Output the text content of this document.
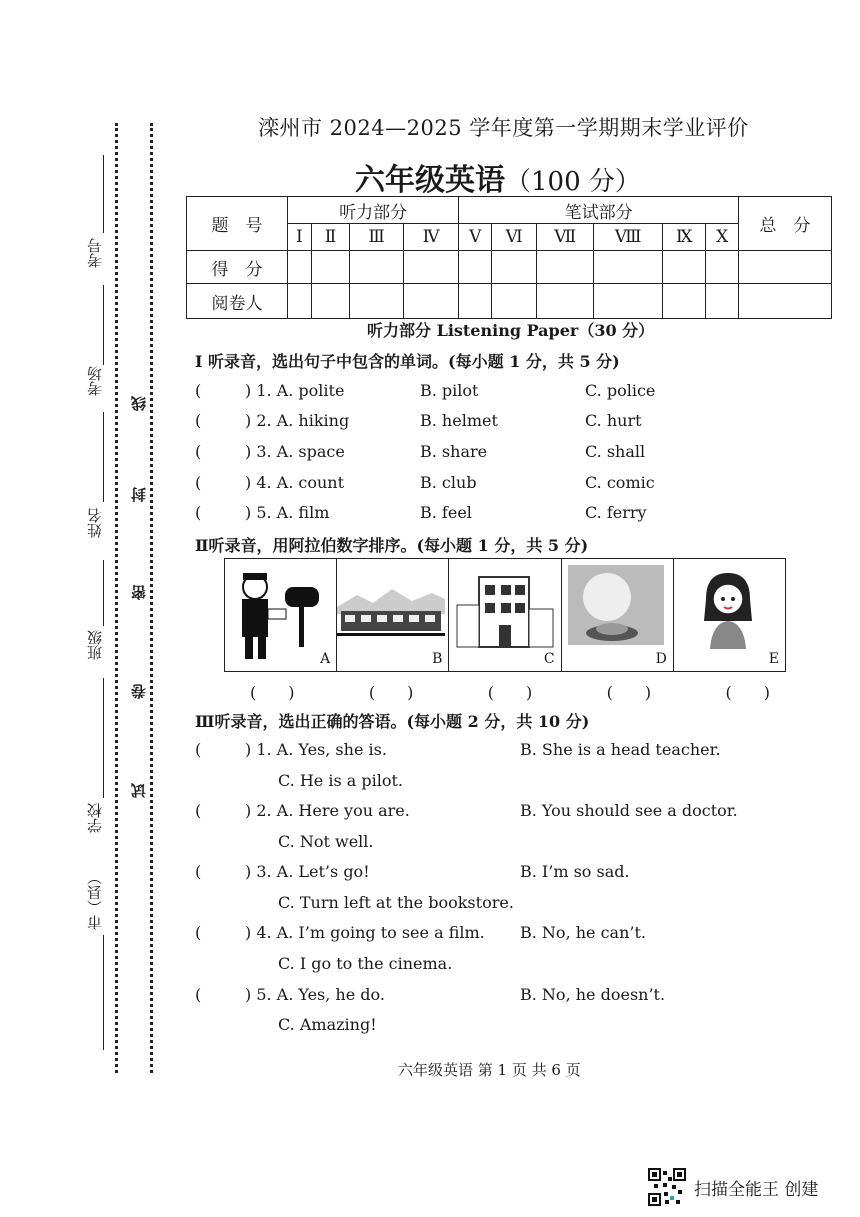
考号
考场
姓名
班级
学校
市（县）
线
封
密
卷
试
滦州市 2024—2025 学年度第一学期期末学业评价
六年级英语（100 分）
题　号	听力部分				笔试部分						总　分
	Ⅰ	Ⅱ	Ⅲ	Ⅳ	Ⅴ	Ⅵ	Ⅶ	Ⅷ	Ⅸ	Ⅹ	
得　分											
阅卷人											
听力部分 Listening Paper（30 分）
I 听录音，选出句子中包含的单词。(每小题 1 分，共 5 分)
(	) 1. A. polite	B. pilot	C. police
(	) 2. A. hiking	B. helmet	C. hurt
(	) 3. A. space	B. share	C. shall
(	) 4. A. count	B. club	C. comic
(	) 5. A. film	B. feel	C. ferry
Ⅱ听录音，用阿拉伯数字排序。(每小题 1 分，共 5 分)
A	B	C	D	E
(　　)	(　　)	(　　)	(　　)	(　　)
Ⅲ听录音，选出正确的答语。(每小题 2 分，共 10 分)
(	) 1. A. Yes, she is.	B. She is a head teacher.
C. He is a pilot.
(	) 2. A. Here you are.	B. You should see a doctor.
C. Not well.
(	) 3. A. Let’s go!	B. I’m so sad.
C. Turn left at the bookstore.
(	) 4. A. I’m going to see a film. B. No, he can’t.
C. I go to the cinema.
(	) 5. A. Yes, he do.	B. No, he doesn’t.
C. Amazing!
六年级英语 第 1 页 共 6 页
扫描全能王 创建
